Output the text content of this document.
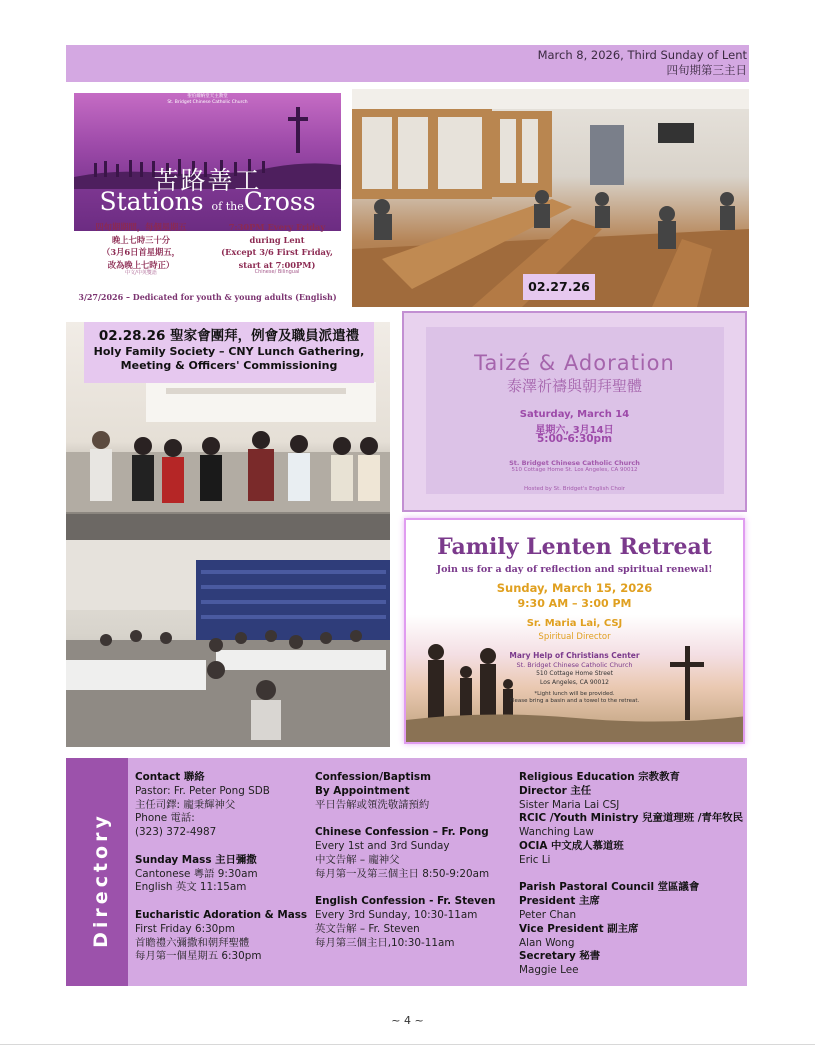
March 8, 2026, Third Sunday of Lent
四旬期第三主日
聖伯爾納堂天主教堂
St. Bridget Chinese Catholic Church
苦路善工
Stations of theCross
四旬期期間，每個星期五
晚上七時三十分
（3月6日首星期五，
改為晚上七時正）
7:30PM Every Friday
during Lent
(Except 3/6 First Friday,
start at 7:00PM)
中文/中英雙語	Chinese/ Bilingual
3/27/2026 – Dedicated for youth & young adults (English)
02.27.26
02.28.26 聖家會團拜，例會及職員派遣禮
Holy Family Society – CNY Lunch Gathering,
Meeting & Officers' Commissioning	Taizé & Adoration
泰澤祈禱與朝拜聖體
Saturday, March 14
星期六, 3月14日
5:00-6:30pm
St. Bridget Chinese Catholic Church
510 Cottage Home St. Los Angeles, CA 90012
Hosted by St. Bridget's English Choir
Family Lenten Retreat
Join us for a day of reflection and spiritual renewal!
Sunday, March 15, 2026
9:30 AM – 3:00 PM
Sr. Maria Lai, CSJ
Spiritual Director
Mary Help of Christians Center
St. Bridget Chinese Catholic Church
510 Cottage Home Street
Los Angeles, CA 90012
*Light lunch will be provided.
Please bring a basin and a towel to the retreat.
Directory
Contact 聯絡
Pastor: Fr. Peter Pong SDB
主任司鐸: 龐秉輝神父
Phone 電話:
(323) 372-4987
Sunday Mass 主日彌撒
Cantonese 粵語 9:30am
English 英文 11:15am
Eucharistic Adoration & Mass
First Friday 6:30pm
首瞻禮六彌撒和朝拜聖體
每月第一個星期五 6:30pm
Confession/Baptism
By Appointment
平日告解或領洗敬請預約
Chinese Confession – Fr. Pong
Every 1st and 3rd Sunday
中文告解 – 龐神父
每月第一及第三個主日 8:50-9:20am
English Confession - Fr. Steven
Every 3rd Sunday, 10:30-11am
英文告解 – Fr. Steven
每月第三個主日,10:30-11am
Religious Education 宗教教育
Director 主任
Sister Maria Lai CSJ
RCIC /Youth Ministry 兒童道理班 /青年牧民
Wanching Law
OCIA 中文成人慕道班
Eric Li
Parish Pastoral Council 堂區議會
President 主席
Peter Chan
Vice President 副主席
Alan Wong
Secretary 秘書
Maggie Lee
~ 4 ~
